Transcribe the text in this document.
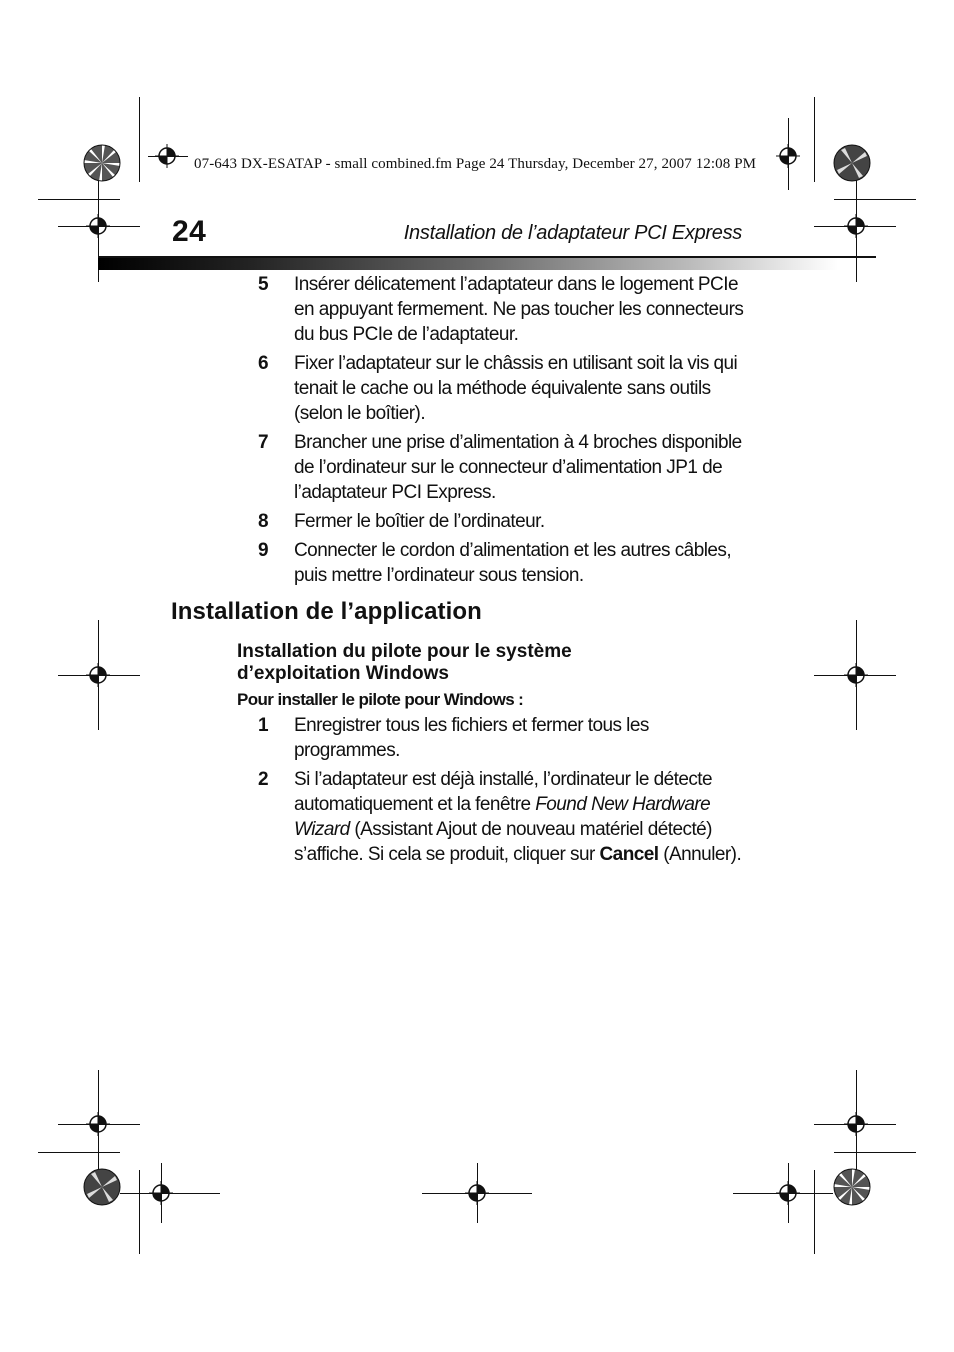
07-643 DX-ESATAP - small combined.fm Page 24 Thursday, December 27, 2007 12:08 PM
24	Installation de l’adaptateur PCI Express
5 Insérer délicatement l’adaptateur dans le logement PCIe en appuyant fermement. Ne pas toucher les connecteurs du bus PCIe de l’adaptateur.
6 Fixer l’adaptateur sur le châssis en utilisant soit la vis qui tenait le cache ou la méthode équivalente sans outils (selon le boîtier).
7 Brancher une prise d’alimentation à 4 broches disponible de l’ordinateur sur le connecteur d’alimentation JP1 de l’adaptateur PCI Express.
8 Fermer le boîtier de l’ordinateur.
9 Connecter le cordon d’alimentation et les autres câbles, puis mettre l’ordinateur sous tension.
Installation de l’application
Installation du pilote pour le système d’exploitation Windows
Pour installer le pilote pour Windows :
1 Enregistrer tous les fichiers et fermer tous les programmes.
2 Si l’adaptateur est déjà installé, l’ordinateur le détecte automatiquement et la fenêtre Found New Hardware Wizard (Assistant Ajout de nouveau matériel détecté) s’affiche. Si cela se produit, cliquer sur Cancel (Annuler).
